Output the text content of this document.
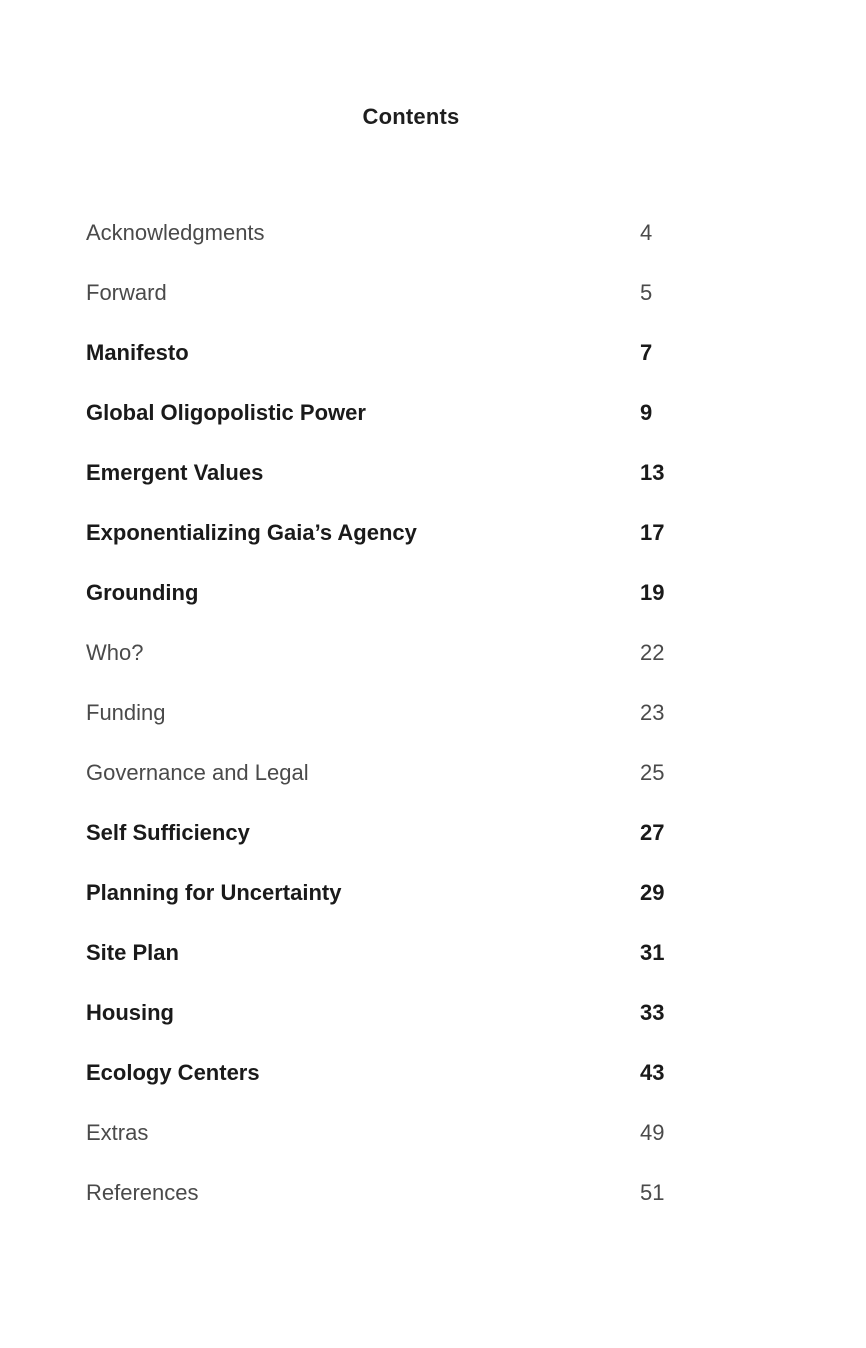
Contents
Acknowledgments	4
Forward	5
Manifesto	7
Global Oligopolistic Power	9
Emergent Values	13
Exponentializing Gaia’s Agency	17
Grounding	19
Who?	22
Funding	23
Governance and Legal	25
Self Sufficiency	27
Planning for Uncertainty	29
Site Plan	31
Housing	33
Ecology Centers	43
Extras	49
References	51
